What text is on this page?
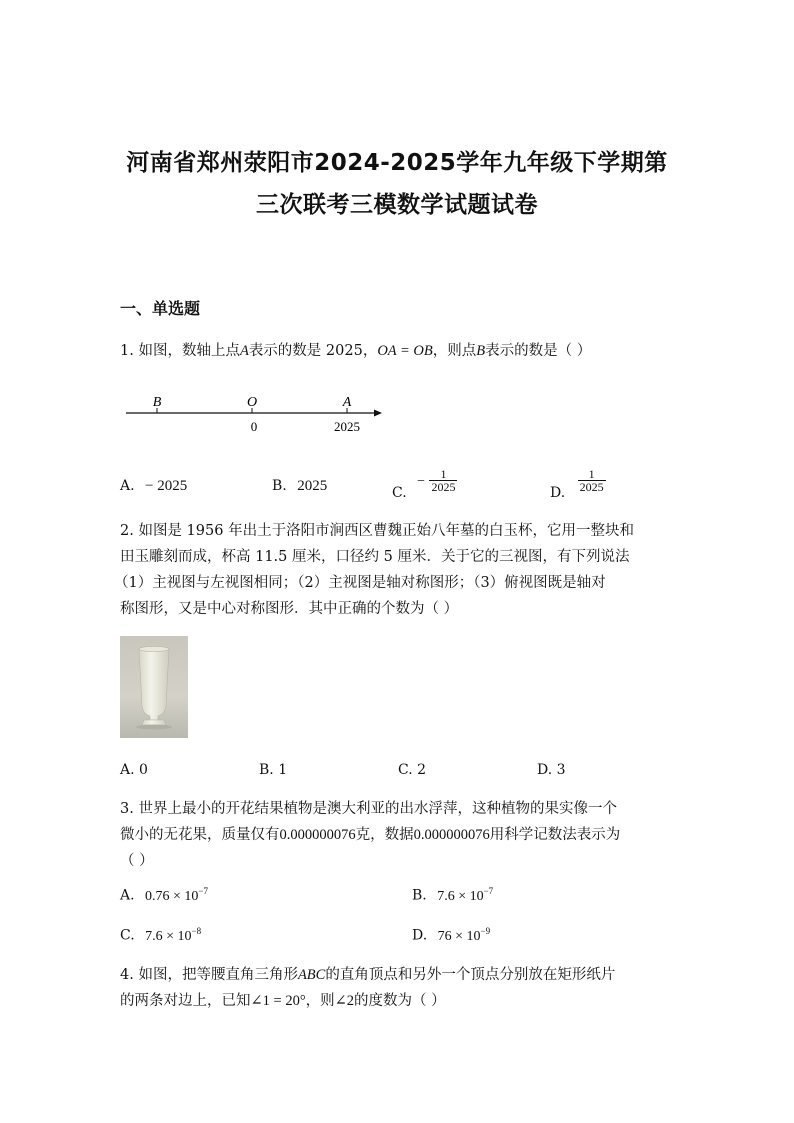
河南省郑州荥阳市2024-2025学年九年级下学期第
三次联考三模数学试题试卷
一、单选题
1. 如图，数轴上点A表示的数是 2025，OA = OB，则点B表示的数是（ ）
B	O	A
0	2025
A. − 2025	B. 2025	C. − $\frac{1}{2025}$	D. $\frac{1}{2025}$
2. 如图是 1956 年出土于洛阳市涧西区曹魏正始八年墓的白玉杯，它用一整块和
田玉雕刻而成，杯高 11.5 厘米，口径约 5 厘米．关于它的三视图，有下列说法
（1）主视图与左视图相同；（2）主视图是轴对称图形；（3）俯视图既是轴对
称图形，又是中心对称图形．其中正确的个数为（ ）
A. 0	B. 1	C. 2	D. 3
3. 世界上最小的开花结果植物是澳大利亚的出水浮萍，这种植物的果实像一个
微小的无花果，质量仅有0.000000076克，数据0.000000076用科学记数法表示为
（ ）
A. $0.76 \times 10^{-7}$	B. $7.6 \times 10^{-7}$
C. $7.6 \times 10^{-8}$	D. $76 \times 10^{-9}$
4. 如图，把等腰直角三角形ABC的直角顶点和另外一个顶点分别放在矩形纸片
的两条对边上，已知∠1 = 20°，则∠2的度数为（ ）
